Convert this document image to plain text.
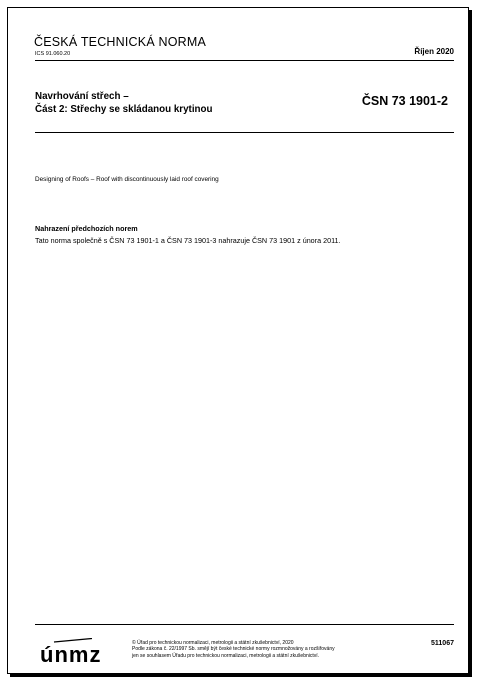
ČESKÁ TECHNICKÁ NORMA
ICS 91.060.20	Říjen 2020
Navrhování střech –
Část 2: Střechy se skládanou krytinou
ČSN 73 1901-2
Designing of Roofs – Roof with discontinuously laid roof covering
Nahrazení předchozích norem
Tato norma společně s ČSN 73 1901-1 a ČSN 73 1901-3 nahrazuje ČSN 73 1901 z února 2011.
únmz	© Úřad pro technickou normalizaci, metrologii a státní zkušebnictví, 2020
Podle zákona č. 22/1997 Sb. smějí být české technické normy rozmnožovány a rozšiřovány
jen se souhlasem Úřadu pro technickou normalizaci, metrologii a státní zkušebnictví.
511067
